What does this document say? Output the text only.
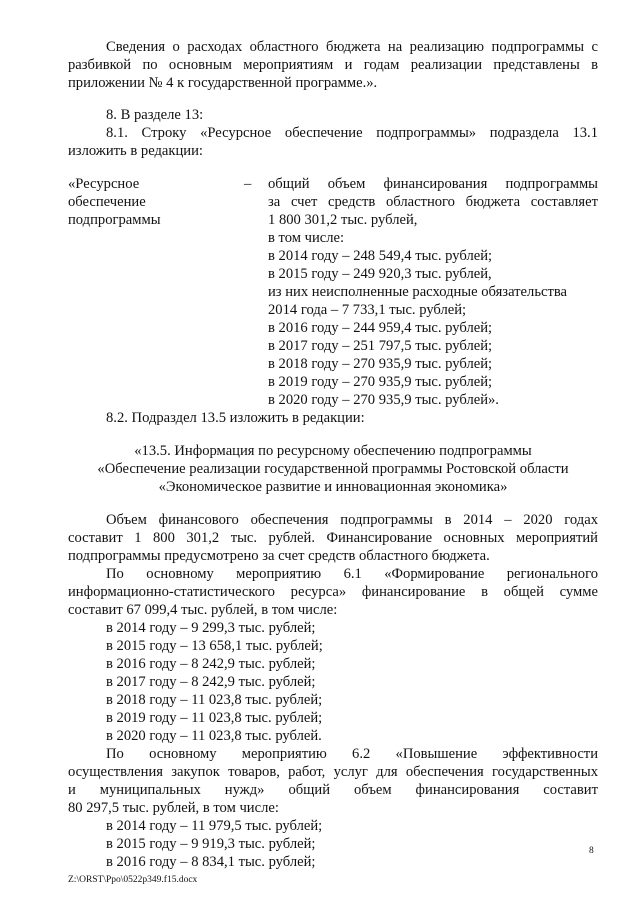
Сведения о расходах областного бюджета на реализацию подпрограммы с
разбивкой по основным мероприятиям и годам реализации представлены в
приложении № 4 к государственной программе.».
8. В разделе 13:
8.1. Строку «Ресурсное обеспечение подпрограммы» подраздела 13.1
изложить в редакции:
«Ресурсное
обеспечение
подпрограммы
– общий объем финансирования подпрограммы
за счет средств областного бюджета составляет
1 800 301,2 тыс. рублей,
в том числе:
в 2014 году – 248 549,4 тыс. рублей;
в 2015 году – 249 920,3 тыс. рублей,
из них неисполненные расходные обязательства
2014 года – 7 733,1 тыс. рублей;
в 2016 году – 244 959,4 тыс. рублей;
в 2017 году – 251 797,5 тыс. рублей;
в 2018 году – 270 935,9 тыс. рублей;
в 2019 году – 270 935,9 тыс. рублей;
в 2020 году – 270 935,9 тыс. рублей».
8.2. Подраздел 13.5 изложить в редакции:
«13.5. Информация по ресурсному обеспечению подпрограммы
«Обеспечение реализации государственной программы Ростовской области
«Экономическое развитие и инновационная экономика»
Объем финансового обеспечения подпрограммы в 2014 – 2020 годах
составит 1 800 301,2 тыс. рублей. Финансирование основных мероприятий
подпрограммы предусмотрено за счет средств областного бюджета.
По основному мероприятию 6.1 «Формирование регионального
информационно-статистического ресурса» финансирование в общей сумме
составит 67 099,4 тыс. рублей, в том числе:
в 2014 году – 9 299,3 тыс. рублей;
в 2015 году – 13 658,1 тыс. рублей;
в 2016 году – 8 242,9 тыс. рублей;
в 2017 году – 8 242,9 тыс. рублей;
в 2018 году – 11 023,8 тыс. рублей;
в 2019 году – 11 023,8 тыс. рублей;
в 2020 году – 11 023,8 тыс. рублей.
По основному мероприятию 6.2 «Повышение эффективности
осуществления закупок товаров, работ, услуг для обеспечения государственных
и муниципальных нужд» общий объем финансирования составит
80 297,5 тыс. рублей, в том числе:
в 2014 году – 11 979,5 тыс. рублей;
в 2015 году – 9 919,3 тыс. рублей;
в 2016 году – 8 834,1 тыс. рублей;
8
Z:\ORST\Ppo\0522p349.f15.docx
